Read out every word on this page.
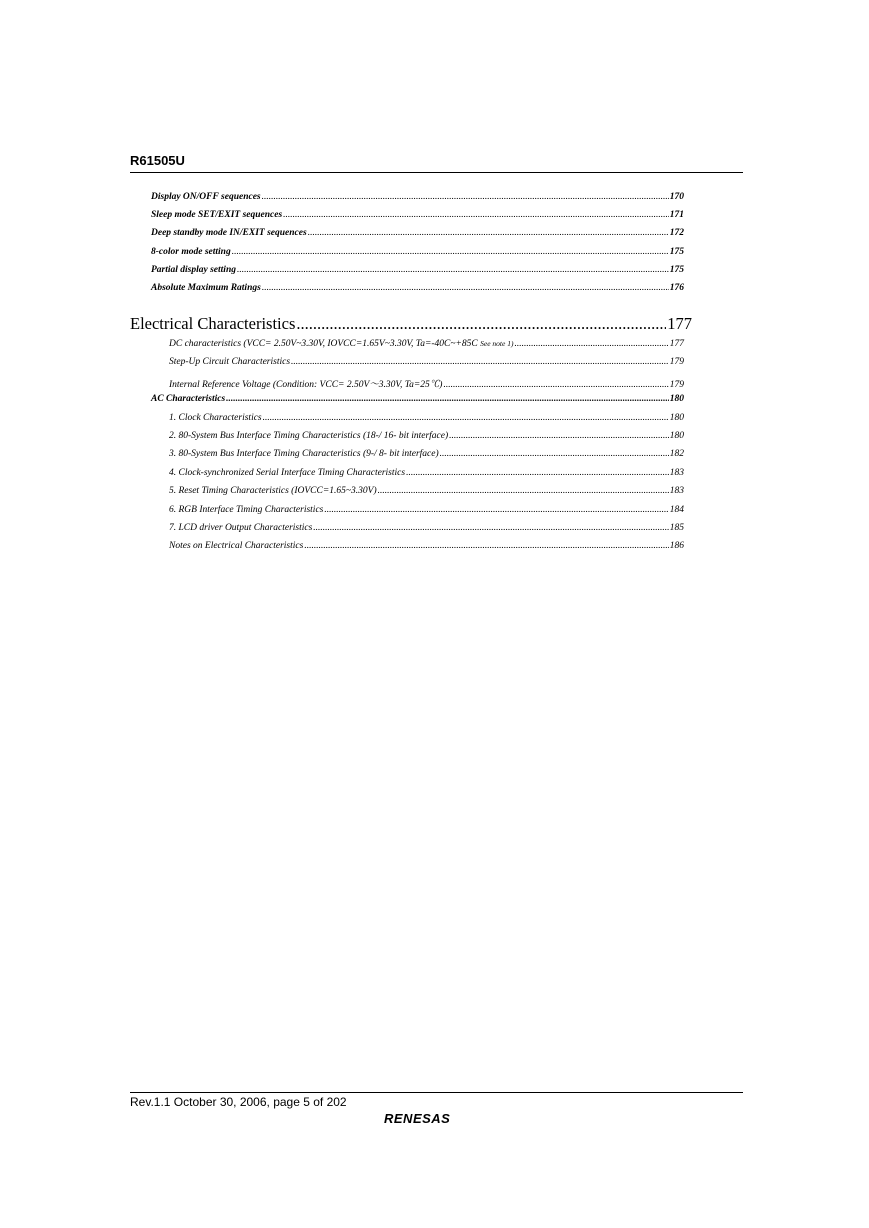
R61505U
Display ON/OFF sequences .....	170
Sleep mode SET/EXIT sequences .....	171
Deep standby mode IN/EXIT sequences .....	172
8-color mode setting .....	175
Partial display setting .....	175
Absolute Maximum Ratings .....	176
Electrical Characteristics .....	177
DC characteristics (VCC= 2.50V~3.30V, IOVCC=1.65V~3.30V, Ta=-40C~+85C See note 1) .....	177
Step-Up Circuit Characteristics .....	179
Internal Reference Voltage (Condition: VCC= 2.50V～3.30V, Ta=25℃) .....	179
AC Characteristics .....	180
1. Clock Characteristics .....	180
2. 80-System Bus Interface Timing Characteristics (18-/ 16- bit interface) .....	180
3. 80-System Bus Interface Timing Characteristics (9-/ 8- bit interface) .....	182
4. Clock-synchronized Serial Interface Timing Characteristics .....	183
5. Reset Timing Characteristics (IOVCC=1.65~3.30V) .....	183
6. RGB Interface Timing Characteristics .....	184
7. LCD driver Output Characteristics .....	185
Notes on Electrical Characteristics .....	186
Rev.1.1 October 30, 2006, page 5 of 202
RENESAS
